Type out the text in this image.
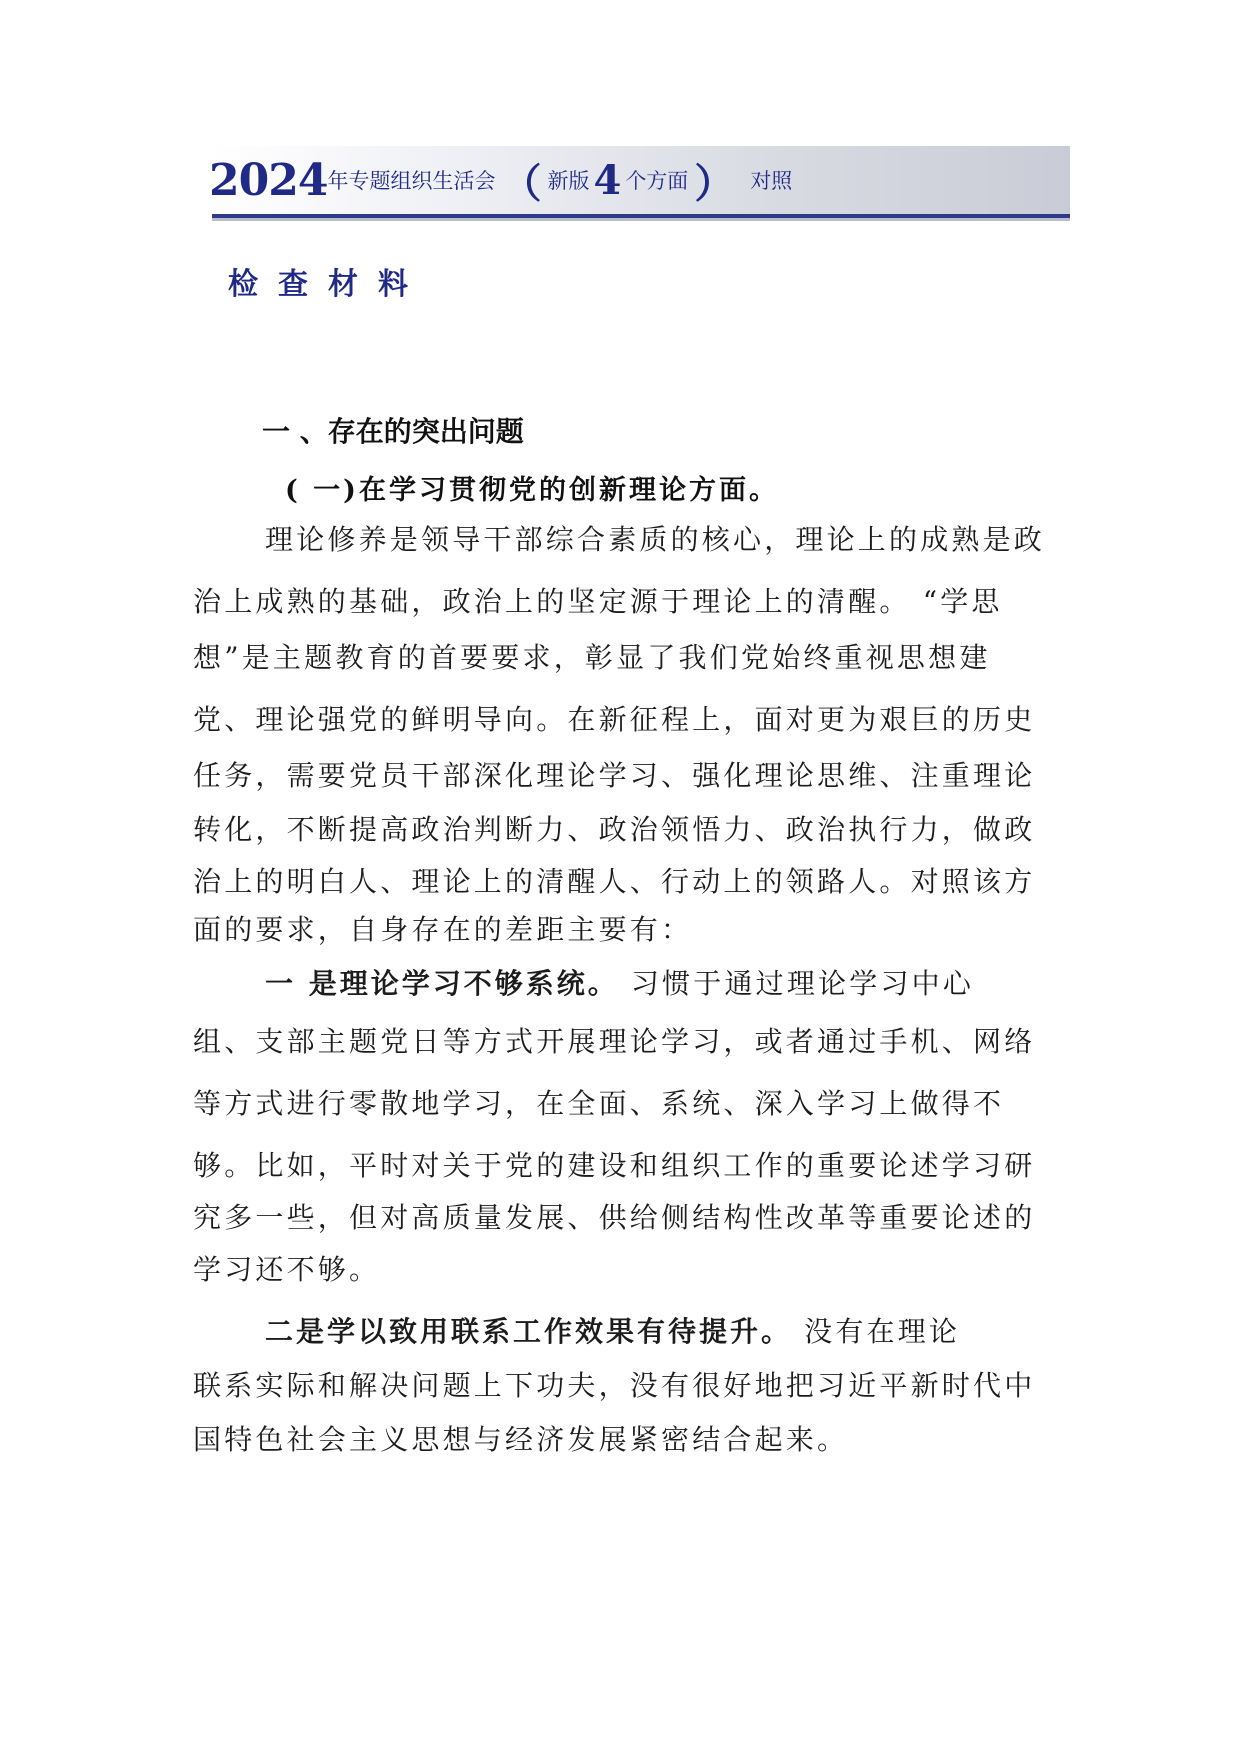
2024 年专题组织生活会 （ 新版 4 个方面 ） 对照
检查材料
一 、存在的突出问题
( 一)在学习贯彻党的创新理论方面。
理论修养是领导干部综合素质的核心，理论上的成熟是政
治上成熟的基础，政治上的坚定源于理论上的清醒。 “学思
想”是主题教育的首要要求，彰显了我们党始终重视思想建
党、理论强党的鲜明导向。在新征程上，面对更为艰巨的历史
任务，需要党员干部深化理论学习、强化理论思维、注重理论
转化，不断提高政治判断力、政治领悟力、政治执行力，做政
治上的明白人、理论上的清醒人、行动上的领路人。对照该方
面的要求，自身存在的差距主要有：
一 是理论学习不够系统。 习惯于通过理论学习中心
组、支部主题党日等方式开展理论学习，或者通过手机、网络
等方式进行零散地学习，在全面、系统、深入学习上做得不
够。比如，平时对关于党的建设和组织工作的重要论述学习研
究多一些，但对高质量发展、供给侧结构性改革等重要论述的
学习还不够。
二是学以致用联系工作效果有待提升。 没有在理论
联系实际和解决问题上下功夫，没有很好地把习近平新时代中
国特色社会主义思想与经济发展紧密结合起来。
